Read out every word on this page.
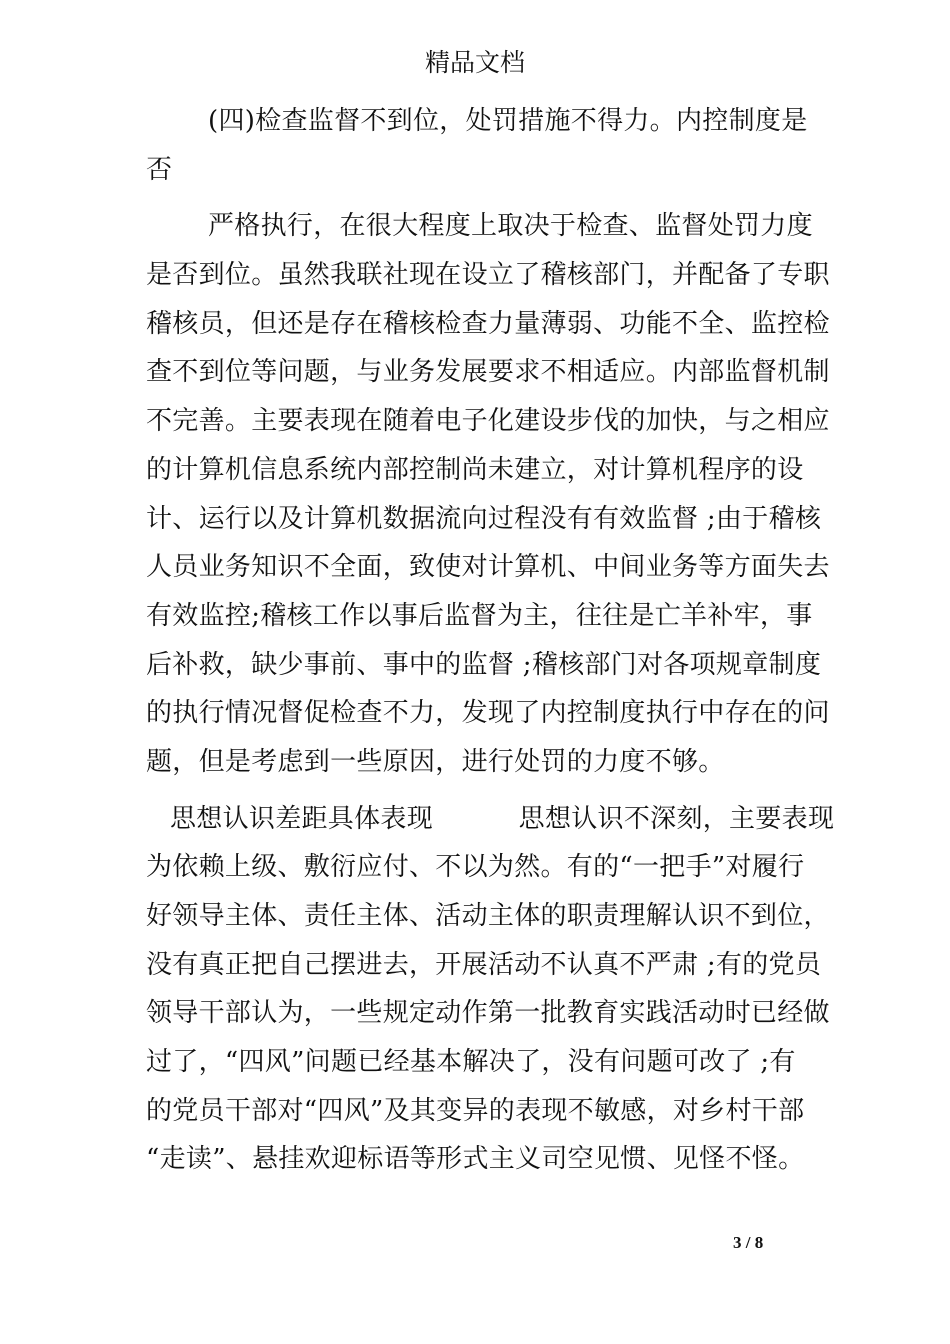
精品文档
(四)检查监督不到位，处罚措施不得力。内控制度是
否
严格执行，在很大程度上取决于检查、监督处罚力度
是否到位。虽然我联社现在设立了稽核部门，并配备了专职
稽核员，但还是存在稽核检查力量薄弱、功能不全、监控检
查不到位等问题，与业务发展要求不相适应。内部监督机制
不完善。主要表现在随着电子化建设步伐的加快，与之相应
的计算机信息系统内部控制尚未建立，对计算机程序的设
计、运行以及计算机数据流向过程没有有效监督 ;由于稽核
人员业务知识不全面，致使对计算机、中间业务等方面失去
有效监控;稽核工作以事后监督为主，往往是亡羊补牢，事
后补救，缺少事前、事中的监督 ;稽核部门对各项规章制度
的执行情况督促检查不力，发现了内控制度执行中存在的问
题，但是考虑到一些原因，进行处罚的力度不够。
思想认识差距具体表现          思想认识不深刻，主要表现
为依赖上级、敷衍应付、不以为然。有的“一把手”对履行
好领导主体、责任主体、活动主体的职责理解认识不到位，
没有真正把自己摆进去，开展活动不认真不严肃 ;有的党员
领导干部认为，一些规定动作第一批教育实践活动时已经做
过了，“四风”问题已经基本解决了，没有问题可改了 ;有
的党员干部对“四风”及其变异的表现不敏感，对乡村干部
“走读”、悬挂欢迎标语等形式主义司空见惯、见怪不怪。
3 / 8
